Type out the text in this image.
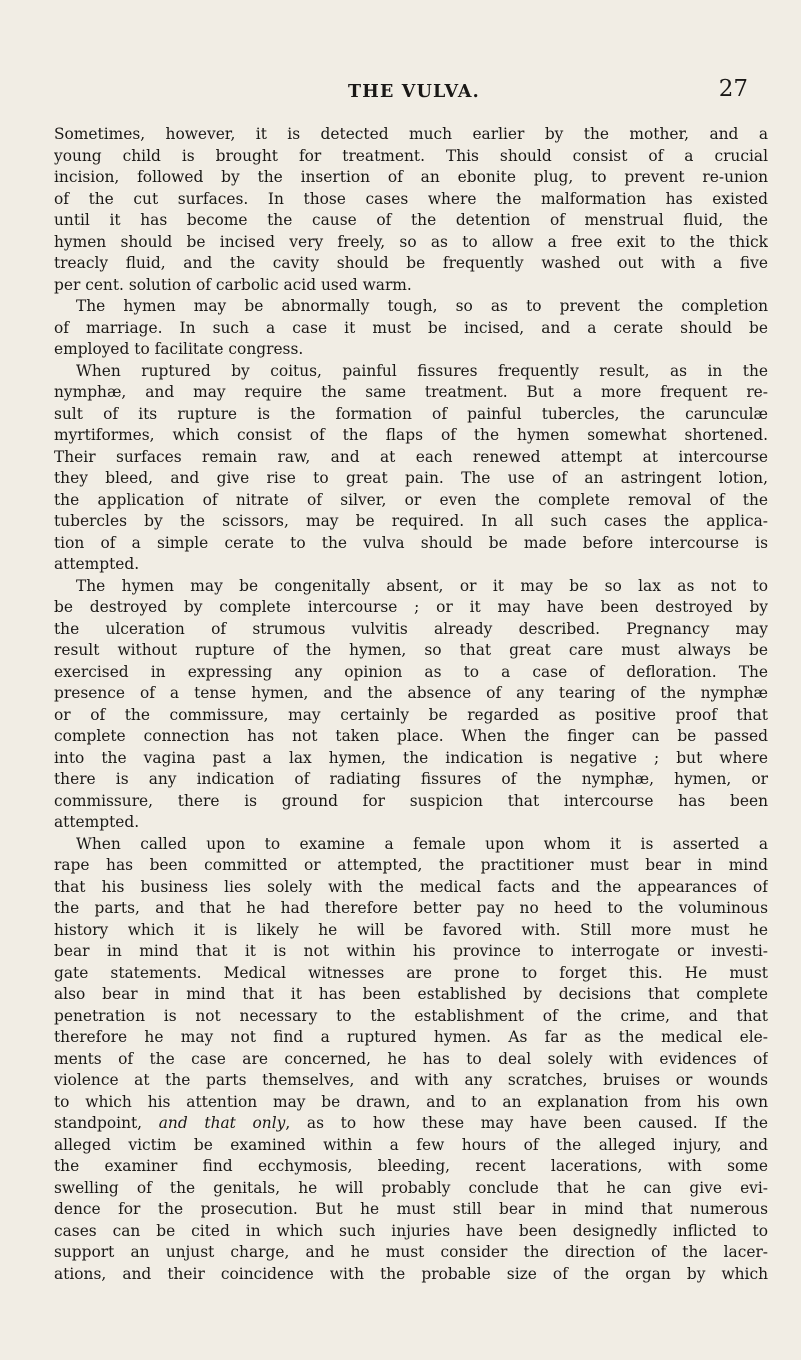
THE VULVA.	27
Sometimes, however, it is detected much earlier by the mother, and a
young child is brought for treatment. This should consist of a crucial
incision, followed by the insertion of an ebonite plug, to prevent re-union
of the cut surfaces. In those cases where the malformation has existed
until it has become the cause of the detention of menstrual fluid, the
hymen should be incised very freely, so as to allow a free exit to the thick
treacly fluid, and the cavity should be frequently washed out with a five
per cent. solution of carbolic acid used warm.
The hymen may be abnormally tough, so as to prevent the completion
of marriage. In such a case it must be incised, and a cerate should be
employed to facilitate congress.
When ruptured by coitus, painful fissures frequently result, as in the
nymphæ, and may require the same treatment. But a more frequent re-
sult of its rupture is the formation of painful tubercles, the carunculæ
myrtiformes, which consist of the flaps of the hymen somewhat shortened.
Their surfaces remain raw, and at each renewed attempt at intercourse
they bleed, and give rise to great pain. The use of an astringent lotion,
the application of nitrate of silver, or even the complete removal of the
tubercles by the scissors, may be required. In all such cases the applica-
tion of a simple cerate to the vulva should be made before intercourse is
attempted.
The hymen may be congenitally absent, or it may be so lax as not to
be destroyed by complete intercourse ; or it may have been destroyed by
the ulceration of strumous vulvitis already described. Pregnancy may
result without rupture of the hymen, so that great care must always be
exercised in expressing any opinion as to a case of defloration. The
presence of a tense hymen, and the absence of any tearing of the nymphæ
or of the commissure, may certainly be regarded as positive proof that
complete connection has not taken place. When the finger can be passed
into the vagina past a lax hymen, the indication is negative ; but where
there is any indication of radiating fissures of the nymphæ, hymen, or
commissure, there is ground for suspicion that intercourse has been
attempted.
When called upon to examine a female upon whom it is asserted a
rape has been committed or attempted, the practitioner must bear in mind
that his business lies solely with the medical facts and the appearances of
the parts, and that he had therefore better pay no heed to the voluminous
history which it is likely he will be favored with. Still more must he
bear in mind that it is not within his province to interrogate or investi-
gate statements. Medical witnesses are prone to forget this. He must
also bear in mind that it has been established by decisions that complete
penetration is not necessary to the establishment of the crime, and that
therefore he may not find a ruptured hymen. As far as the medical ele-
ments of the case are concerned, he has to deal solely with evidences of
violence at the parts themselves, and with any scratches, bruises or wounds
to which his attention may be drawn, and to an explanation from his own
standpoint, and that only, as to how these may have been caused. If the
alleged victim be examined within a few hours of the alleged injury, and
the examiner find ecchymosis, bleeding, recent lacerations, with some
swelling of the genitals, he will probably conclude that he can give evi-
dence for the prosecution. But he must still bear in mind that numerous
cases can be cited in which such injuries have been designedly inflicted to
support an unjust charge, and he must consider the direction of the lacer-
ations, and their coincidence with the probable size of the organ by which
